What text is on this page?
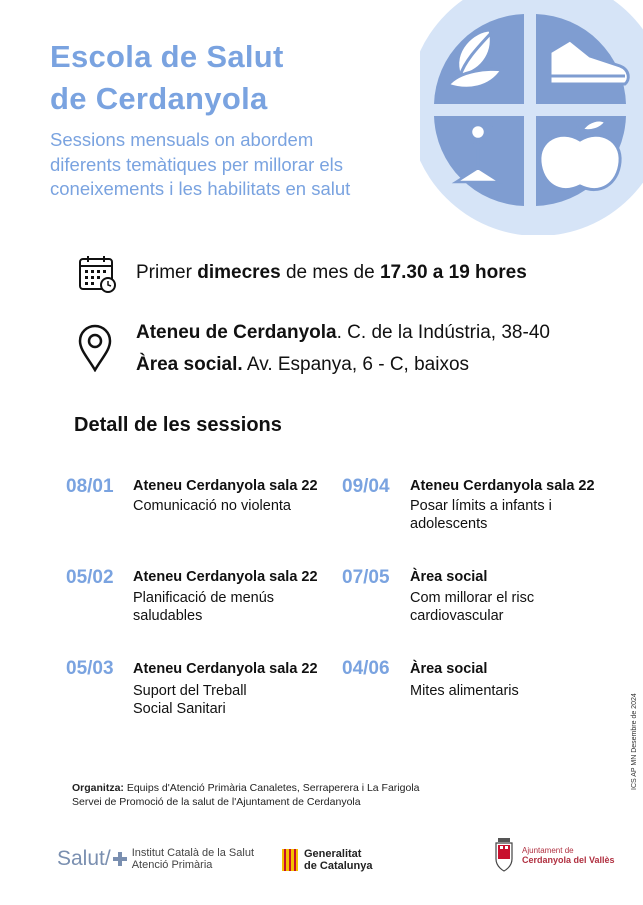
Escola de Salut
de Cerdanyola
Sessions mensuals on abordem
diferents temàtiques per millorar els
coneixements i les habilitats en salut
Primer dimecres de mes de 17.30 a 19 hores
Ateneu de Cerdanyola. C. de la Indústria, 38-40
Àrea social. Av. Espanya, 6 - C, baixos
Detall de les sessions
08/01 Ateneu Cerdanyola sala 22
Comunicació no violenta
09/04 Ateneu Cerdanyola sala 22
Posar límits a infants i
adolescents
05/02 Ateneu Cerdanyola sala 22
Planificació de menús
saludables
07/05 Àrea social
Com millorar el risc
cardiovascular
05/03 Ateneu Cerdanyola sala 22
Suport del Treball
Social Sanitari
04/06 Àrea social
Mites alimentaris
ICS AP MN Desembre de 2024
Organitza: Equips d'Atenció Primària Canaletes, Serraperera i La Farigola
Servei de Promoció de la salut de l'Ajuntament de Cerdanyola
Salut/ Institut Català de la Salut
Atenció Primària
Generalitat
de Catalunya
Ajuntament de
Cerdanyola del Vallès
